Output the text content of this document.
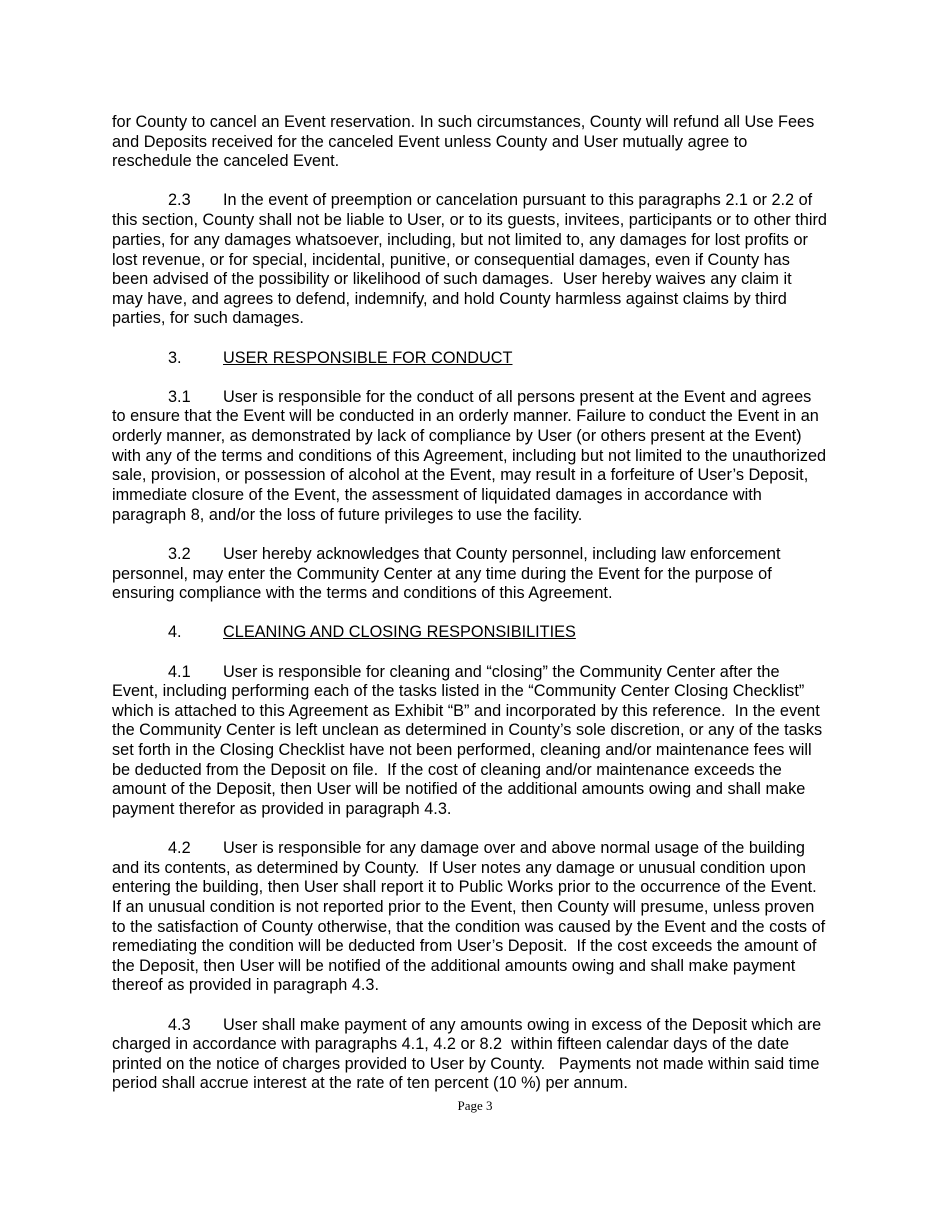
for County to cancel an Event reservation. In such circumstances, County will refund all Use Fees
and Deposits received for the canceled Event unless County and User mutually agree to
reschedule the canceled Event.
2.3 In the event of preemption or cancelation pursuant to this paragraphs 2.1 or 2.2 of
this section, County shall not be liable to User, or to its guests, invitees, participants or to other third
parties, for any damages whatsoever, including, but not limited to, any damages for lost profits or
lost revenue, or for special, incidental, punitive, or consequential damages, even if County has
been advised of the possibility or likelihood of such damages.  User hereby waives any claim it
may have, and agrees to defend, indemnify, and hold County harmless against claims by third
parties, for such damages.
3.	USER RESPONSIBLE FOR CONDUCT
3.1 User is responsible for the conduct of all persons present at the Event and agrees
to ensure that the Event will be conducted in an orderly manner. Failure to conduct the Event in an
orderly manner, as demonstrated by lack of compliance by User (or others present at the Event)
with any of the terms and conditions of this Agreement, including but not limited to the unauthorized
sale, provision, or possession of alcohol at the Event, may result in a forfeiture of User’s Deposit,
immediate closure of the Event, the assessment of liquidated damages in accordance with
paragraph 8, and/or the loss of future privileges to use the facility.
3.2 User hereby acknowledges that County personnel, including law enforcement
personnel, may enter the Community Center at any time during the Event for the purpose of
ensuring compliance with the terms and conditions of this Agreement.
4.	CLEANING AND CLOSING RESPONSIBILITIES
4.1 User is responsible for cleaning and “closing” the Community Center after the
Event, including performing each of the tasks listed in the “Community Center Closing Checklist”
which is attached to this Agreement as Exhibit “B” and incorporated by this reference.  In the event
the Community Center is left unclean as determined in County’s sole discretion, or any of the tasks
set forth in the Closing Checklist have not been performed, cleaning and/or maintenance fees will
be deducted from the Deposit on file.  If the cost of cleaning and/or maintenance exceeds the
amount of the Deposit, then User will be notified of the additional amounts owing and shall make
payment therefor as provided in paragraph 4.3.
4.2 User is responsible for any damage over and above normal usage of the building
and its contents, as determined by County.  If User notes any damage or unusual condition upon
entering the building, then User shall report it to Public Works prior to the occurrence of the Event.
If an unusual condition is not reported prior to the Event, then County will presume, unless proven
to the satisfaction of County otherwise, that the condition was caused by the Event and the costs of
remediating the condition will be deducted from User’s Deposit.  If the cost exceeds the amount of
the Deposit, then User will be notified of the additional amounts owing and shall make payment
thereof as provided in paragraph 4.3.
4.3 User shall make payment of any amounts owing in excess of the Deposit which are
charged in accordance with paragraphs 4.1, 4.2 or 8.2  within fifteen calendar days of the date
printed on the notice of charges provided to User by County.   Payments not made within said time
period shall accrue interest at the rate of ten percent (10 %) per annum.
Page 3
